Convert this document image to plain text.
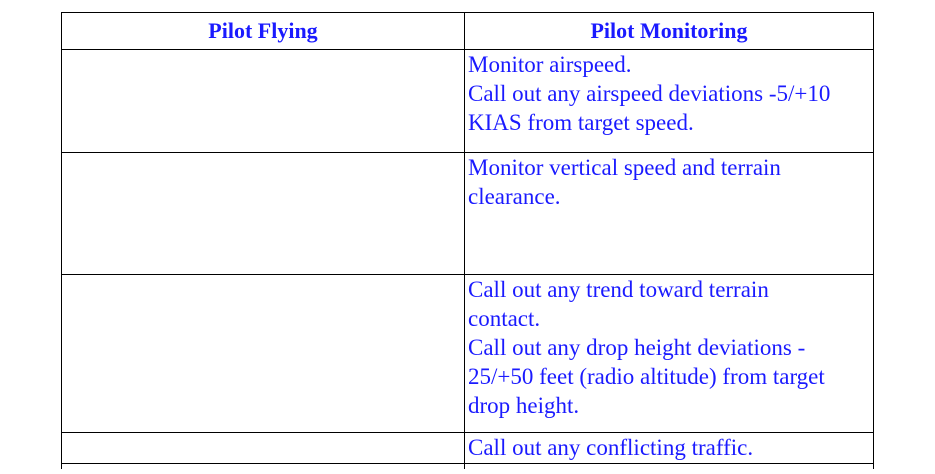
Pilot Flying	Pilot Monitoring

	Monitor airspeed.
Call out any airspeed deviations -5/+10
KIAS from target speed.

	Monitor vertical speed and terrain
clearance.

	Call out any trend toward terrain
contact.
Call out any drop height deviations -
25/+50 feet (radio altitude) from target
drop height.

	Call out any conflicting traffic.
